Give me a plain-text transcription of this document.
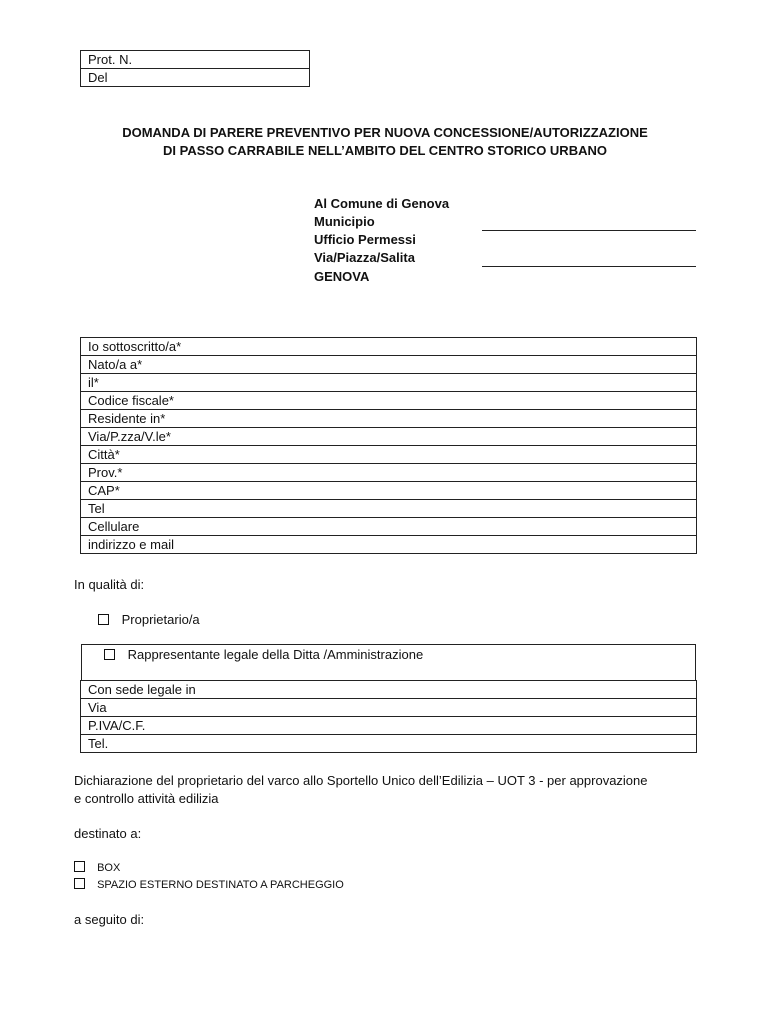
Prot. N.
Del
DOMANDA DI PARERE PREVENTIVO PER NUOVA CONCESSIONE/AUTORIZZAZIONE
DI PASSO CARRABILE NELL’AMBITO DEL CENTRO STORICO URBANO
Al Comune di Genova
Municipio
Ufficio Permessi
Via/Piazza/Salita
GENOVA
Io sottoscritto/a*
Nato/a a*
il*
Codice fiscale*
Residente in*
Via/P.zza/V.le*
Città*
Prov.*
CAP*
Tel
Cellulare
indirizzo e mail
In qualità di:
Proprietario/a
Rappresentante legale della Ditta /Amministrazione
Con sede legale in
Via
P.IVA/C.F.
Tel.
Dichiarazione del proprietario del varco allo Sportello Unico dell’Edilizia – UOT 3 - per approvazione
e controllo attività edilizia
destinato a:
BOX
SPAZIO ESTERNO DESTINATO A PARCHEGGIO
a seguito di:
